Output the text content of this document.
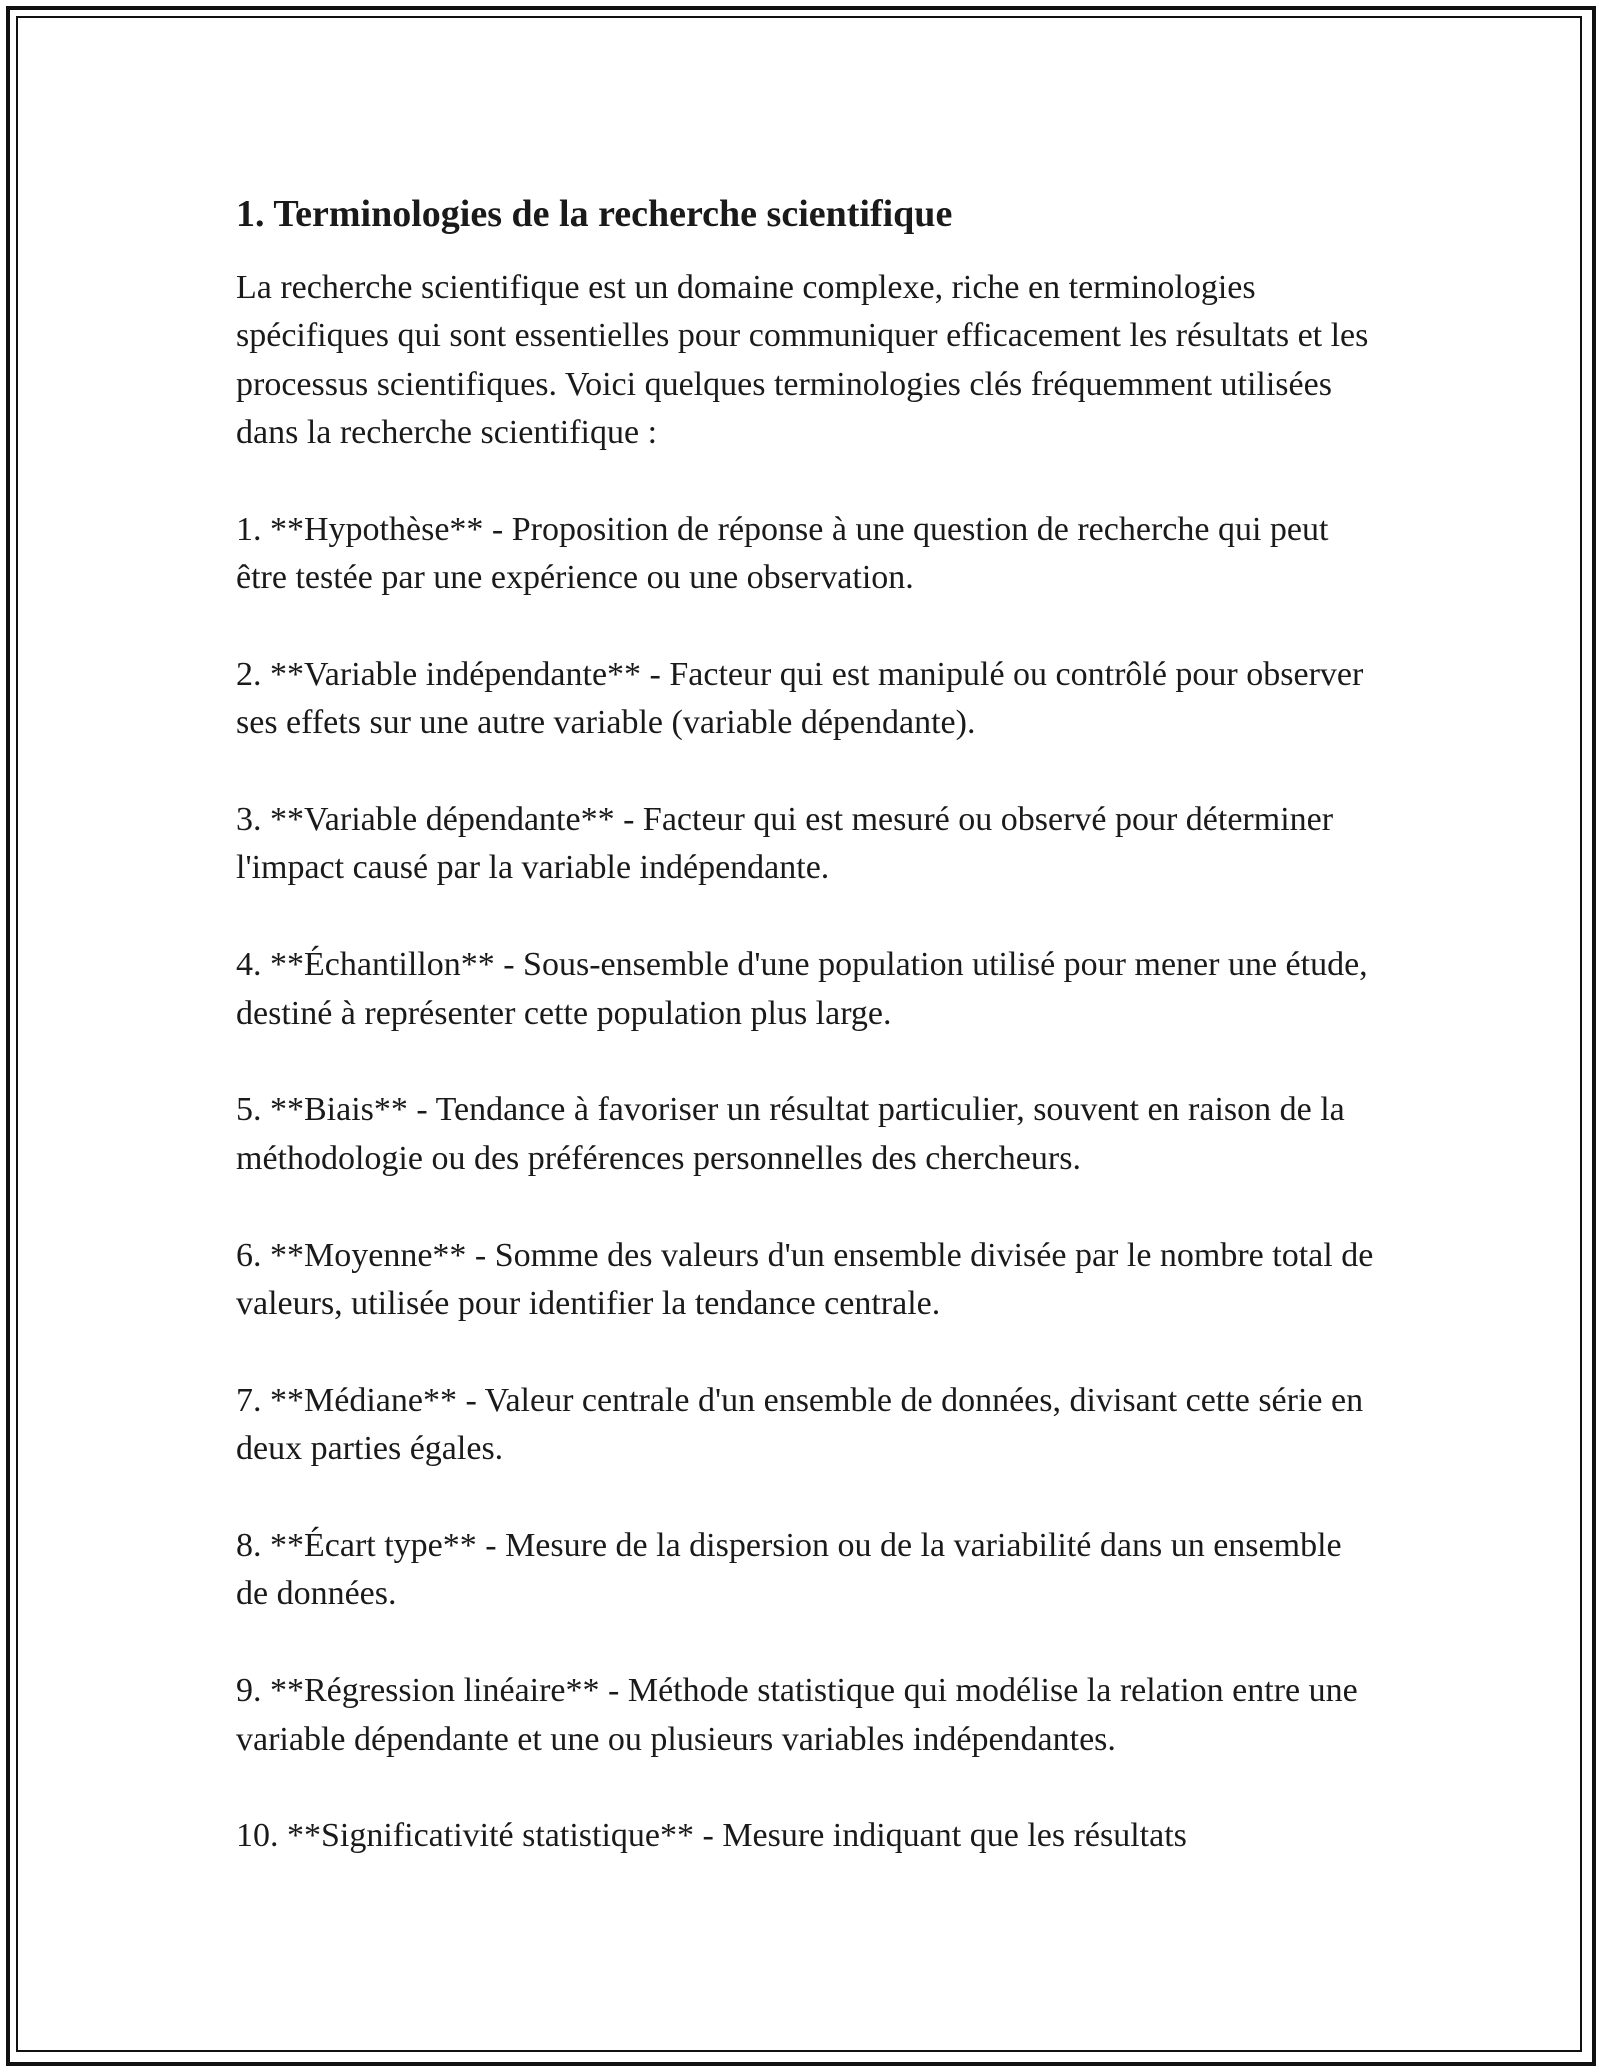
1. Terminologies de la recherche scientifique

La recherche scientifique est un domaine complexe, riche en terminologies spécifiques qui sont essentielles pour communiquer efficacement les résultats et les processus scientifiques. Voici quelques terminologies clés fréquemment utilisées dans la recherche scientifique :

1. **Hypothèse** - Proposition de réponse à une question de recherche qui peut être testée par une expérience ou une observation.
2. **Variable indépendante** - Facteur qui est manipulé ou contrôlé pour observer ses effets sur une autre variable (variable dépendante).
3. **Variable dépendante** - Facteur qui est mesuré ou observé pour déterminer l'impact causé par la variable indépendante.
4. **Échantillon** - Sous-ensemble d'une population utilisé pour mener une étude, destiné à représenter cette population plus large.
5. **Biais** - Tendance à favoriser un résultat particulier, souvent en raison de la méthodologie ou des préférences personnelles des chercheurs.
6. **Moyenne** - Somme des valeurs d'un ensemble divisée par le nombre total de valeurs, utilisée pour identifier la tendance centrale.
7. **Médiane** - Valeur centrale d'un ensemble de données, divisant cette série en deux parties égales.
8. **Écart type** - Mesure de la dispersion ou de la variabilité dans un ensemble de données.
9. **Régression linéaire** - Méthode statistique qui modélise la relation entre une variable dépendante et une ou plusieurs variables indépendantes.
10. **Significativité statistique** - Mesure indiquant que les résultats
